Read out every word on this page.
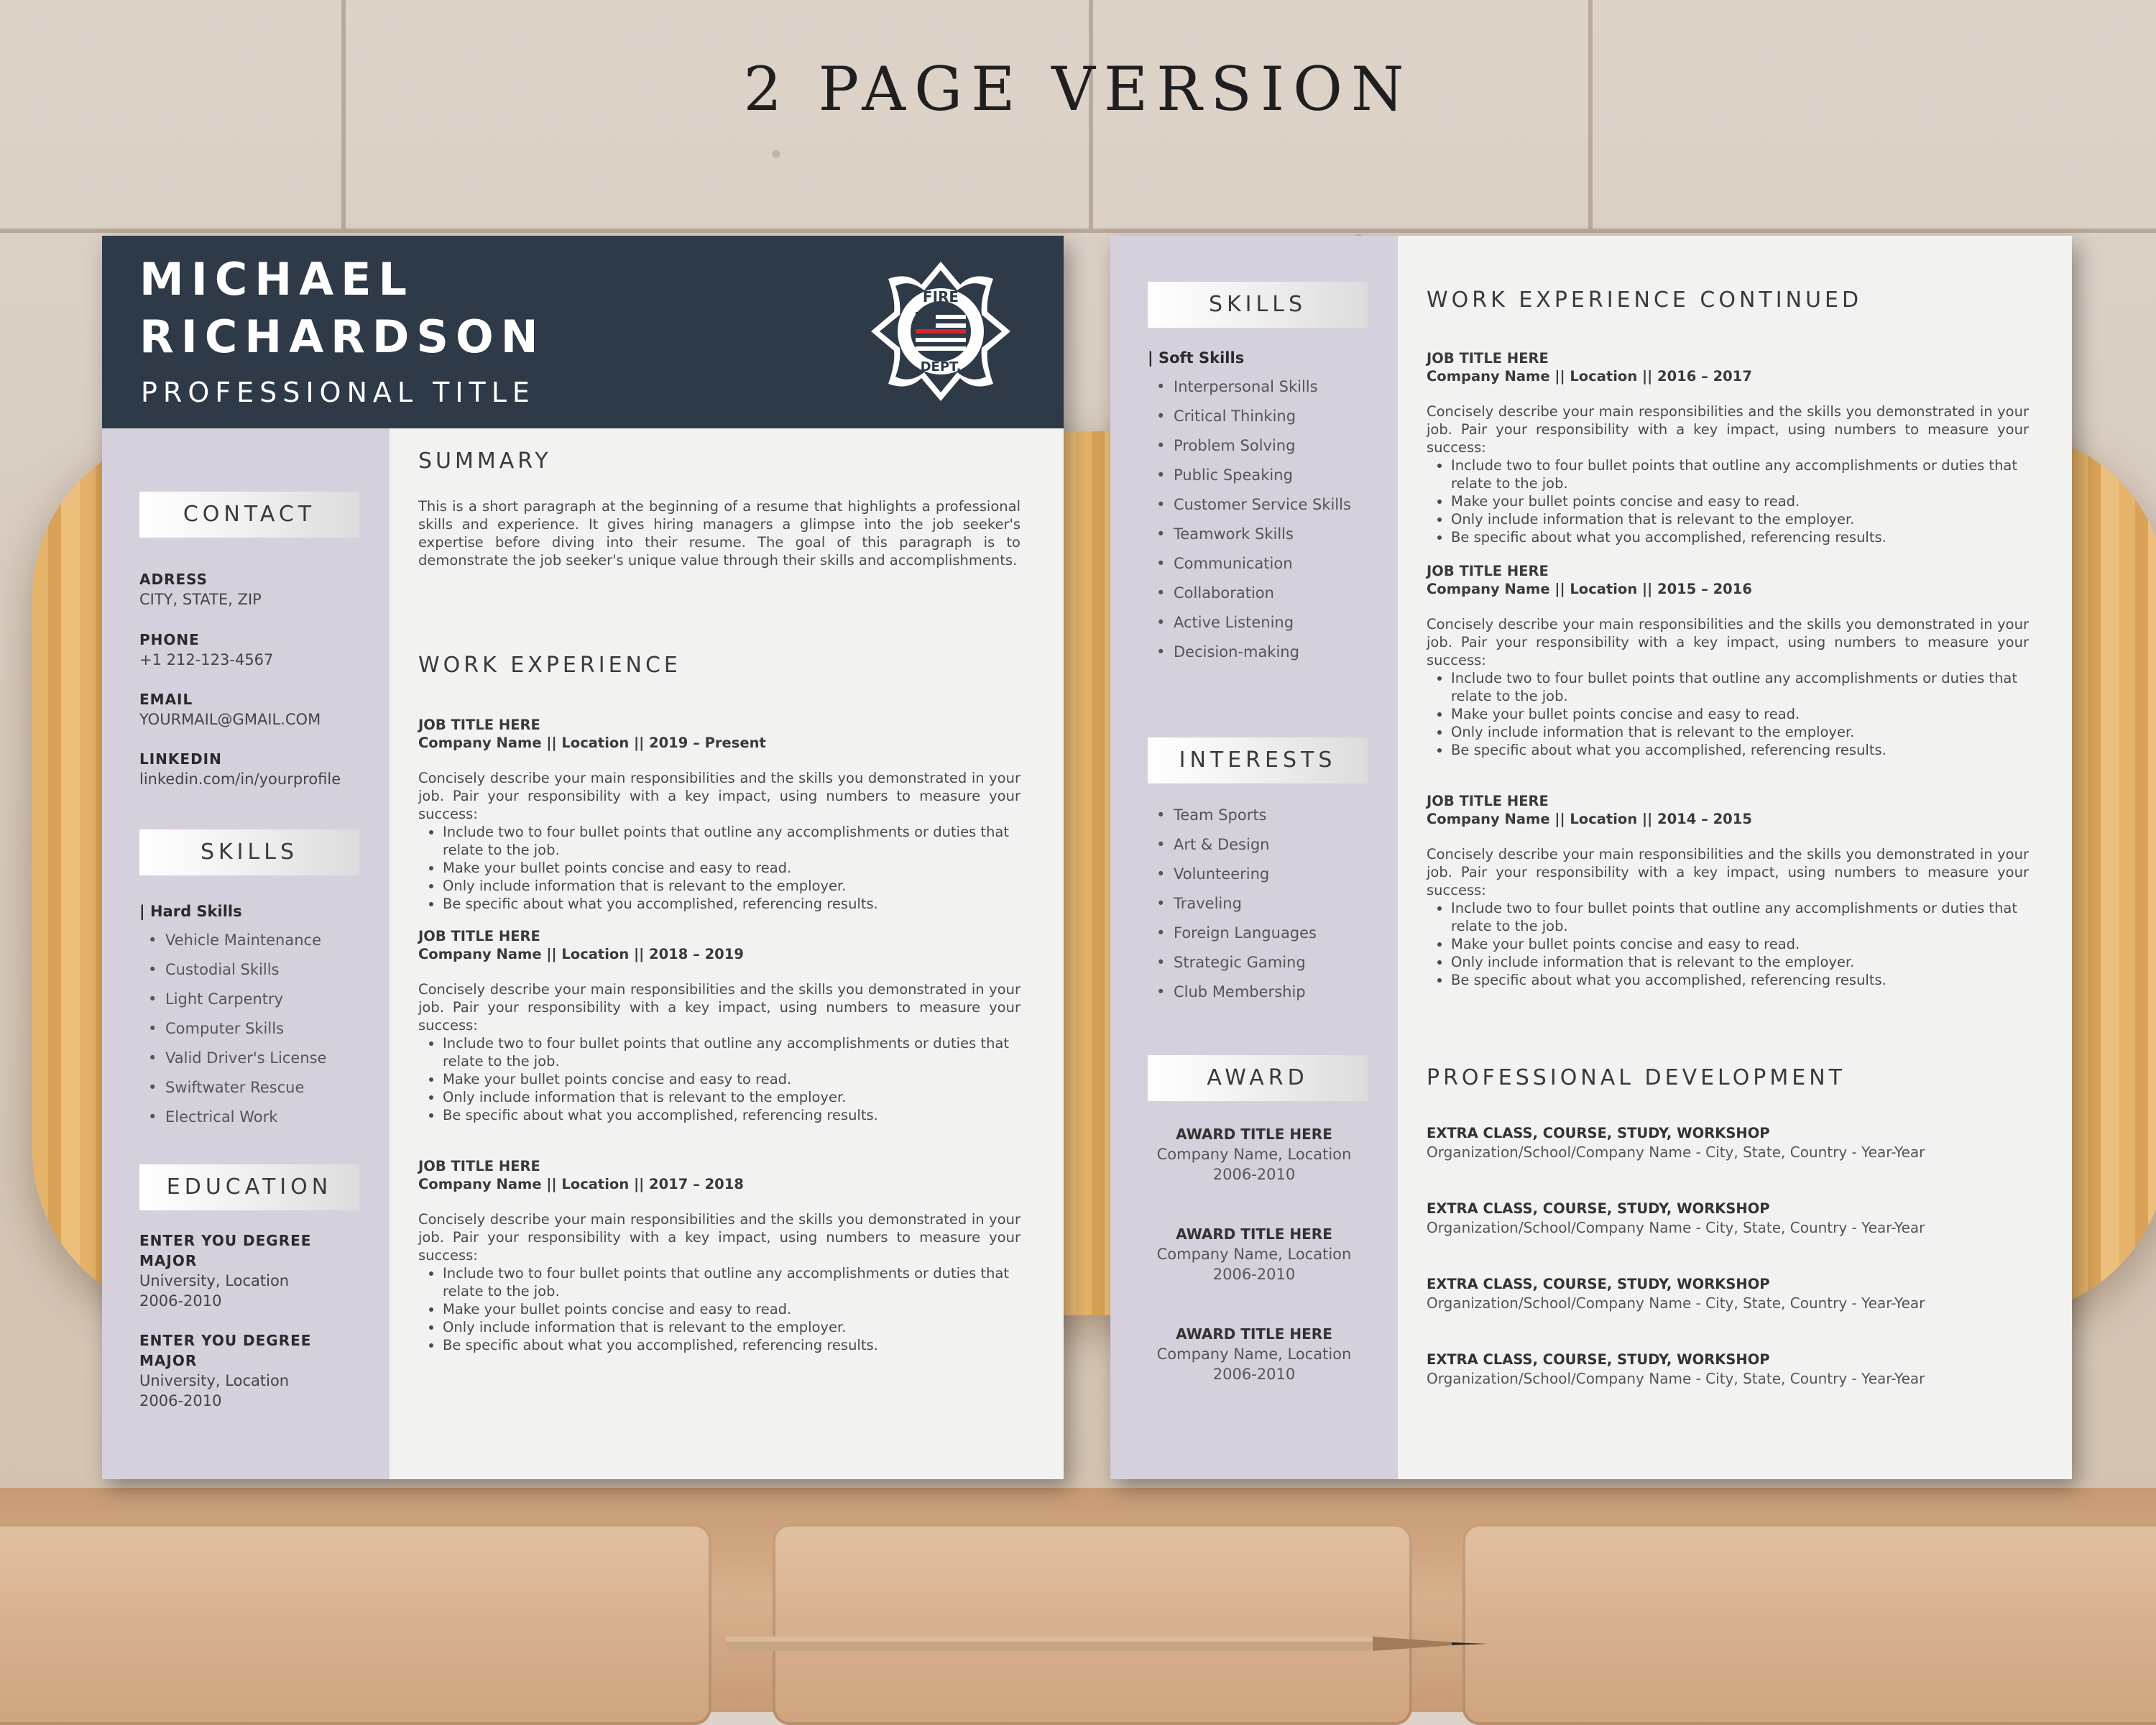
2 PAGE VERSION
MICHAEL
RICHARDSON
PROFESSIONAL TITLE
FIRE
DEPT.
CONTACT
ADRESS
CITY, STATE, ZIP
PHONE
+1 212-123-4567
EMAIL
YOURMAIL@GMAIL.COM
LINKEDIN
linkedin.com/in/yourprofile
SKILLS
| Hard Skills
• Vehicle Maintenance
• Custodial Skills
• Light Carpentry
• Computer Skills
• Valid Driver's License
• Swiftwater Rescue
• Electrical Work
EDUCATION
ENTER YOU DEGREE
MAJOR
University, Location
2006-2010
ENTER YOU DEGREE
MAJOR
University, Location
2006-2010
SUMMARY

This is a short paragraph at the beginning of a resume that highlights a professional skills and experience. It gives hiring managers a glimpse into the job seeker's expertise before diving into their resume. The goal of this paragraph is to demonstrate the job seeker's unique value through their skills and accomplishments.

WORK EXPERIENCE
JOB TITLE HERE
Company Name || Location || 2019 – Present

Concisely describe your main responsibilities and the skills you demonstrated in your job. Pair your responsibility with a key impact, using numbers to measure your success:

• Include two to four bullet points that outline any accomplishments or duties that relate to the job.
• Make your bullet points concise and easy to read.
• Only include information that is relevant to the employer.
• Be specific about what you accomplished, referencing results.
JOB TITLE HERE
Company Name || Location || 2018 – 2019

Concisely describe your main responsibilities and the skills you demonstrated in your job. Pair your responsibility with a key impact, using numbers to measure your success:

• Include two to four bullet points that outline any accomplishments or duties that relate to the job.
• Make your bullet points concise and easy to read.
• Only include information that is relevant to the employer.
• Be specific about what you accomplished, referencing results.
JOB TITLE HERE
Company Name || Location || 2017 – 2018

Concisely describe your main responsibilities and the skills you demonstrated in your job. Pair your responsibility with a key impact, using numbers to measure your success:

• Include two to four bullet points that outline any accomplishments or duties that relate to the job.
• Make your bullet points concise and easy to read.
• Only include information that is relevant to the employer.
• Be specific about what you accomplished, referencing results.
SKILLS
| Soft Skills
• Interpersonal Skills
• Critical Thinking
• Problem Solving
• Public Speaking
• Customer Service Skills
• Teamwork Skills
• Communication
• Collaboration
• Active Listening
• Decision-making
INTERESTS
• Team Sports
• Art & Design
• Volunteering
• Traveling
• Foreign Languages
• Strategic Gaming
• Club Membership
AWARD
AWARD TITLE HERE
Company Name, Location
2006-2010
AWARD TITLE HERE
Company Name, Location
2006-2010
AWARD TITLE HERE
Company Name, Location
2006-2010
WORK EXPERIENCE CONTINUED
JOB TITLE HERE
Company Name || Location || 2016 – 2017

Concisely describe your main responsibilities and the skills you demonstrated in your job. Pair your responsibility with a key impact, using numbers to measure your success:

• Include two to four bullet points that outline any accomplishments or duties that relate to the job.
• Make your bullet points concise and easy to read.
• Only include information that is relevant to the employer.
• Be specific about what you accomplished, referencing results.
JOB TITLE HERE
Company Name || Location || 2015 – 2016

Concisely describe your main responsibilities and the skills you demonstrated in your job. Pair your responsibility with a key impact, using numbers to measure your success:

• Include two to four bullet points that outline any accomplishments or duties that relate to the job.
• Make your bullet points concise and easy to read.
• Only include information that is relevant to the employer.
• Be specific about what you accomplished, referencing results.
JOB TITLE HERE
Company Name || Location || 2014 – 2015

Concisely describe your main responsibilities and the skills you demonstrated in your job. Pair your responsibility with a key impact, using numbers to measure your success:

• Include two to four bullet points that outline any accomplishments or duties that relate to the job.
• Make your bullet points concise and easy to read.
• Only include information that is relevant to the employer.
• Be specific about what you accomplished, referencing results.
PROFESSIONAL DEVELOPMENT
EXTRA CLASS, COURSE, STUDY, WORKSHOP
Organization/School/Company Name - City, State, Country - Year-Year
EXTRA CLASS, COURSE, STUDY, WORKSHOP
Organization/School/Company Name - City, State, Country - Year-Year
EXTRA CLASS, COURSE, STUDY, WORKSHOP
Organization/School/Company Name - City, State, Country - Year-Year
EXTRA CLASS, COURSE, STUDY, WORKSHOP
Organization/School/Company Name - City, State, Country - Year-Year
